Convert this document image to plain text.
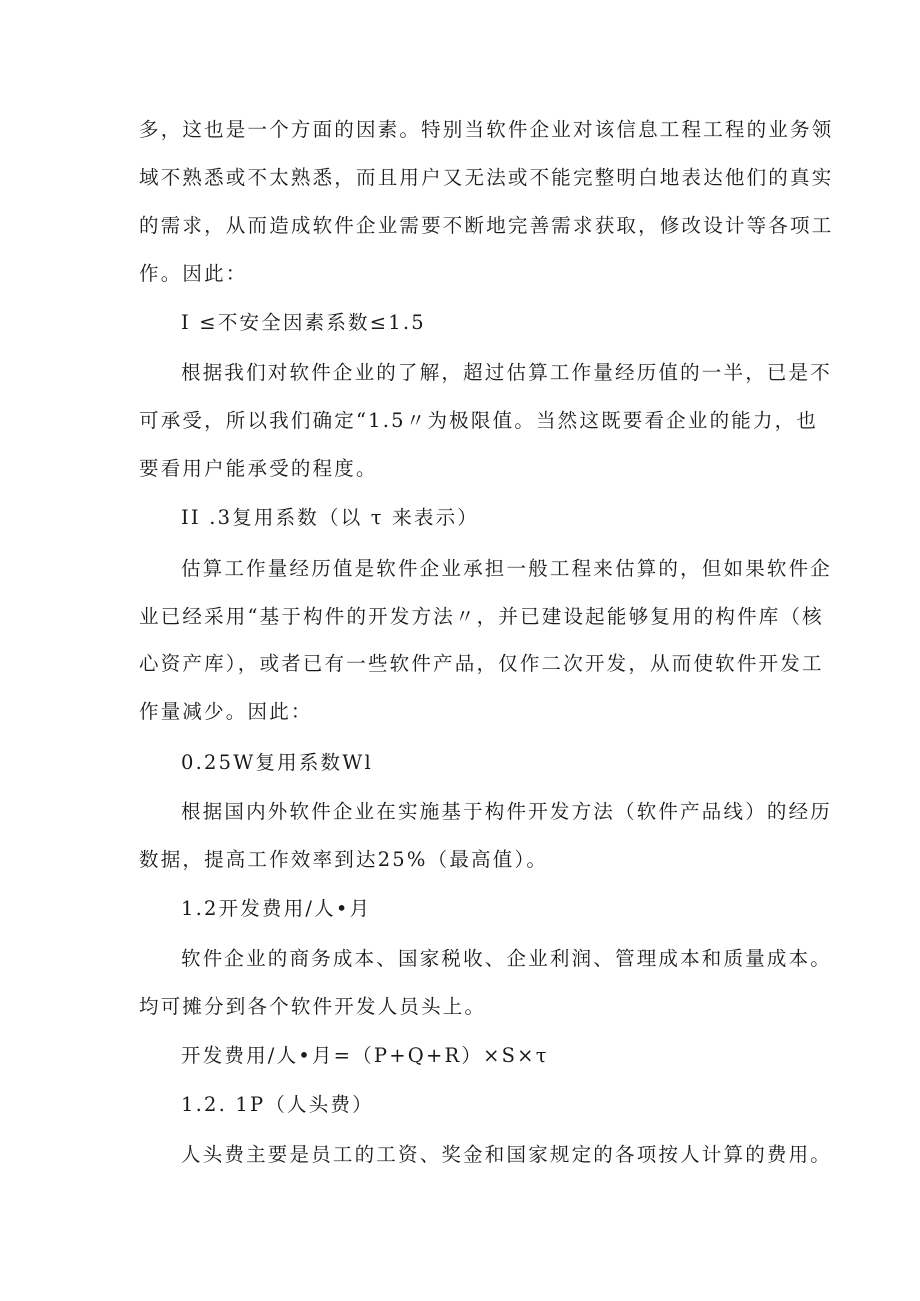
多，这也是一个方面的因素。特别当软件企业对该信息工程工程的业务领
域不熟悉或不太熟悉，而且用户又无法或不能完整明白地表达他们的真实
的需求，从而造成软件企业需要不断地完善需求获取，修改设计等各项工
作。因此：
I ≤不安全因素系数≤1.5
根据我们对软件企业的了解，超过估算工作量经历值的一半，已是不
可承受，所以我们确定“1.5〃为极限值。当然这既要看企业的能力，也
要看用户能承受的程度。
II .3复用系数（以 τ 来表示）
估算工作量经历值是软件企业承担一般工程来估算的，但如果软件企
业已经采用“基于构件的开发方法〃，并已建设起能够复用的构件库（核
心资产库），或者已有一些软件产品，仅作二次开发，从而使软件开发工
作量减少。因此：
0.25W复用系数Wl
根据国内外软件企业在实施基于构件开发方法（软件产品线）的经历
数据，提高工作效率到达25%（最高值）。
1.2开发费用/人•月
软件企业的商务成本、国家税收、企业利润、管理成本和质量成本。
均可摊分到各个软件开发人员头上。
开发费用/人•月=（P+Q+R）×S×τ
1.2. 1P（人头费）
人头费主要是员工的工资、奖金和国家规定的各项按人计算的费用。
